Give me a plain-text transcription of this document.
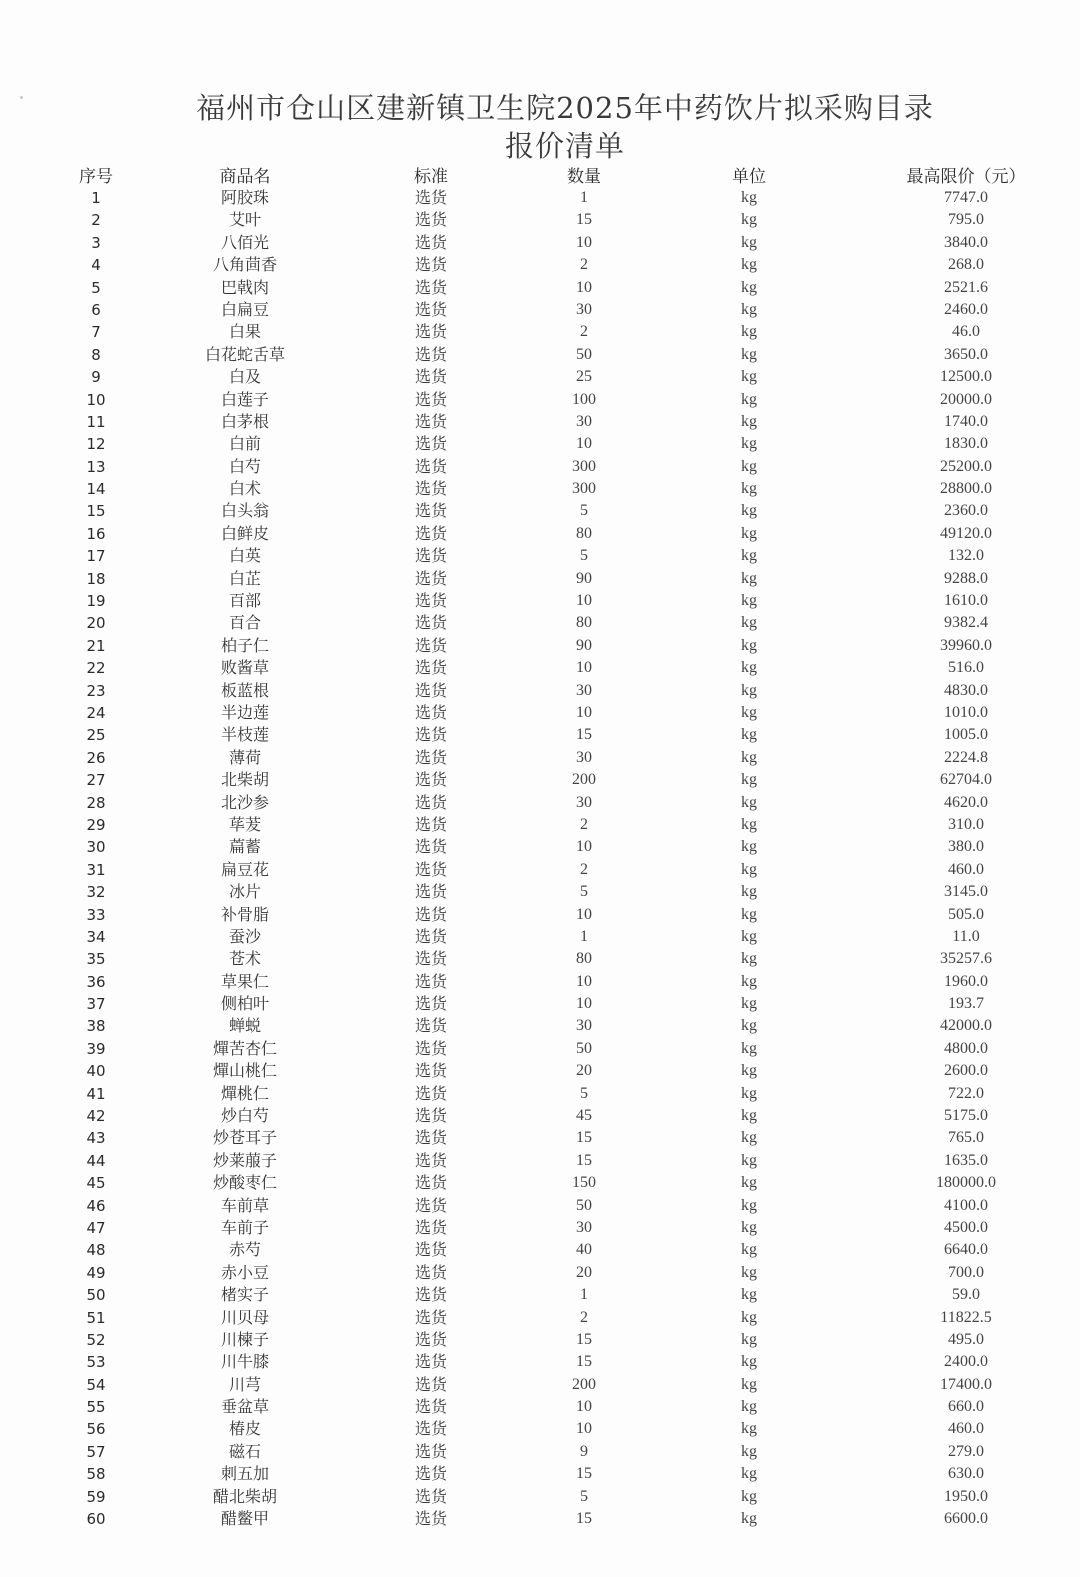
福州市仓山区建新镇卫生院2025年中药饮片拟采购目录
报价清单
序号	商品名	标准	数量	单位	最高限价（元）
1	阿胶珠	选货	1	kg	7747.0
2	艾叶	选货	15	kg	795.0
3	八佰光	选货	10	kg	3840.0
4	八角茴香	选货	2	kg	268.0
5	巴戟肉	选货	10	kg	2521.6
6	白扁豆	选货	30	kg	2460.0
7	白果	选货	2	kg	46.0
8	白花蛇舌草	选货	50	kg	3650.0
9	白及	选货	25	kg	12500.0
10	白莲子	选货	100	kg	20000.0
11	白茅根	选货	30	kg	1740.0
12	白前	选货	10	kg	1830.0
13	白芍	选货	300	kg	25200.0
14	白术	选货	300	kg	28800.0
15	白头翁	选货	5	kg	2360.0
16	白鲜皮	选货	80	kg	49120.0
17	白英	选货	5	kg	132.0
18	白芷	选货	90	kg	9288.0
19	百部	选货	10	kg	1610.0
20	百合	选货	80	kg	9382.4
21	柏子仁	选货	90	kg	39960.0
22	败酱草	选货	10	kg	516.0
23	板蓝根	选货	30	kg	4830.0
24	半边莲	选货	10	kg	1010.0
25	半枝莲	选货	15	kg	1005.0
26	薄荷	选货	30	kg	2224.8
27	北柴胡	选货	200	kg	62704.0
28	北沙参	选货	30	kg	4620.0
29	荜茇	选货	2	kg	310.0
30	萹蓄	选货	10	kg	380.0
31	扁豆花	选货	2	kg	460.0
32	冰片	选货	5	kg	3145.0
33	补骨脂	选货	10	kg	505.0
34	蚕沙	选货	1	kg	11.0
35	苍术	选货	80	kg	35257.6
36	草果仁	选货	10	kg	1960.0
37	侧柏叶	选货	10	kg	193.7
38	蝉蜕	选货	30	kg	42000.0
39	燀苦杏仁	选货	50	kg	4800.0
40	燀山桃仁	选货	20	kg	2600.0
41	燀桃仁	选货	5	kg	722.0
42	炒白芍	选货	45	kg	5175.0
43	炒苍耳子	选货	15	kg	765.0
44	炒莱菔子	选货	15	kg	1635.0
45	炒酸枣仁	选货	150	kg	180000.0
46	车前草	选货	50	kg	4100.0
47	车前子	选货	30	kg	4500.0
48	赤芍	选货	40	kg	6640.0
49	赤小豆	选货	20	kg	700.0
50	楮实子	选货	1	kg	59.0
51	川贝母	选货	2	kg	11822.5
52	川楝子	选货	15	kg	495.0
53	川牛膝	选货	15	kg	2400.0
54	川芎	选货	200	kg	17400.0
55	垂盆草	选货	10	kg	660.0
56	椿皮	选货	10	kg	460.0
57	磁石	选货	9	kg	279.0
58	刺五加	选货	15	kg	630.0
59	醋北柴胡	选货	5	kg	1950.0
60	醋鳖甲	选货	15	kg	6600.0
